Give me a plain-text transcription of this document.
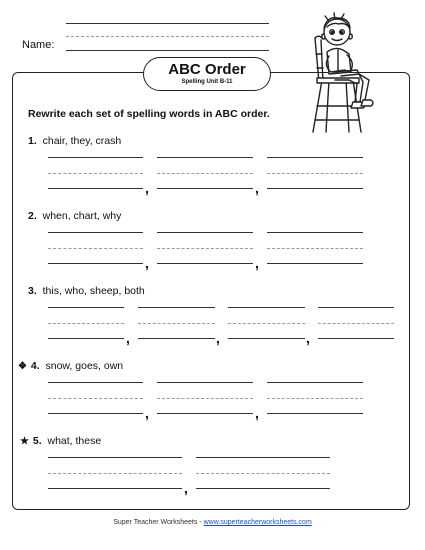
Name:
ABC Order
Spelling Unit B-11
Rewrite each set of spelling words in ABC order.
1. chair, they, crash
,	,
2. when, chart, why
,	,
3. this, who, sheep, both
,	,	,
❖ 4. snow, goes, own
,	,
★ 5. what, these
,
Super Teacher Worksheets - www.superteacherworksheets.com
